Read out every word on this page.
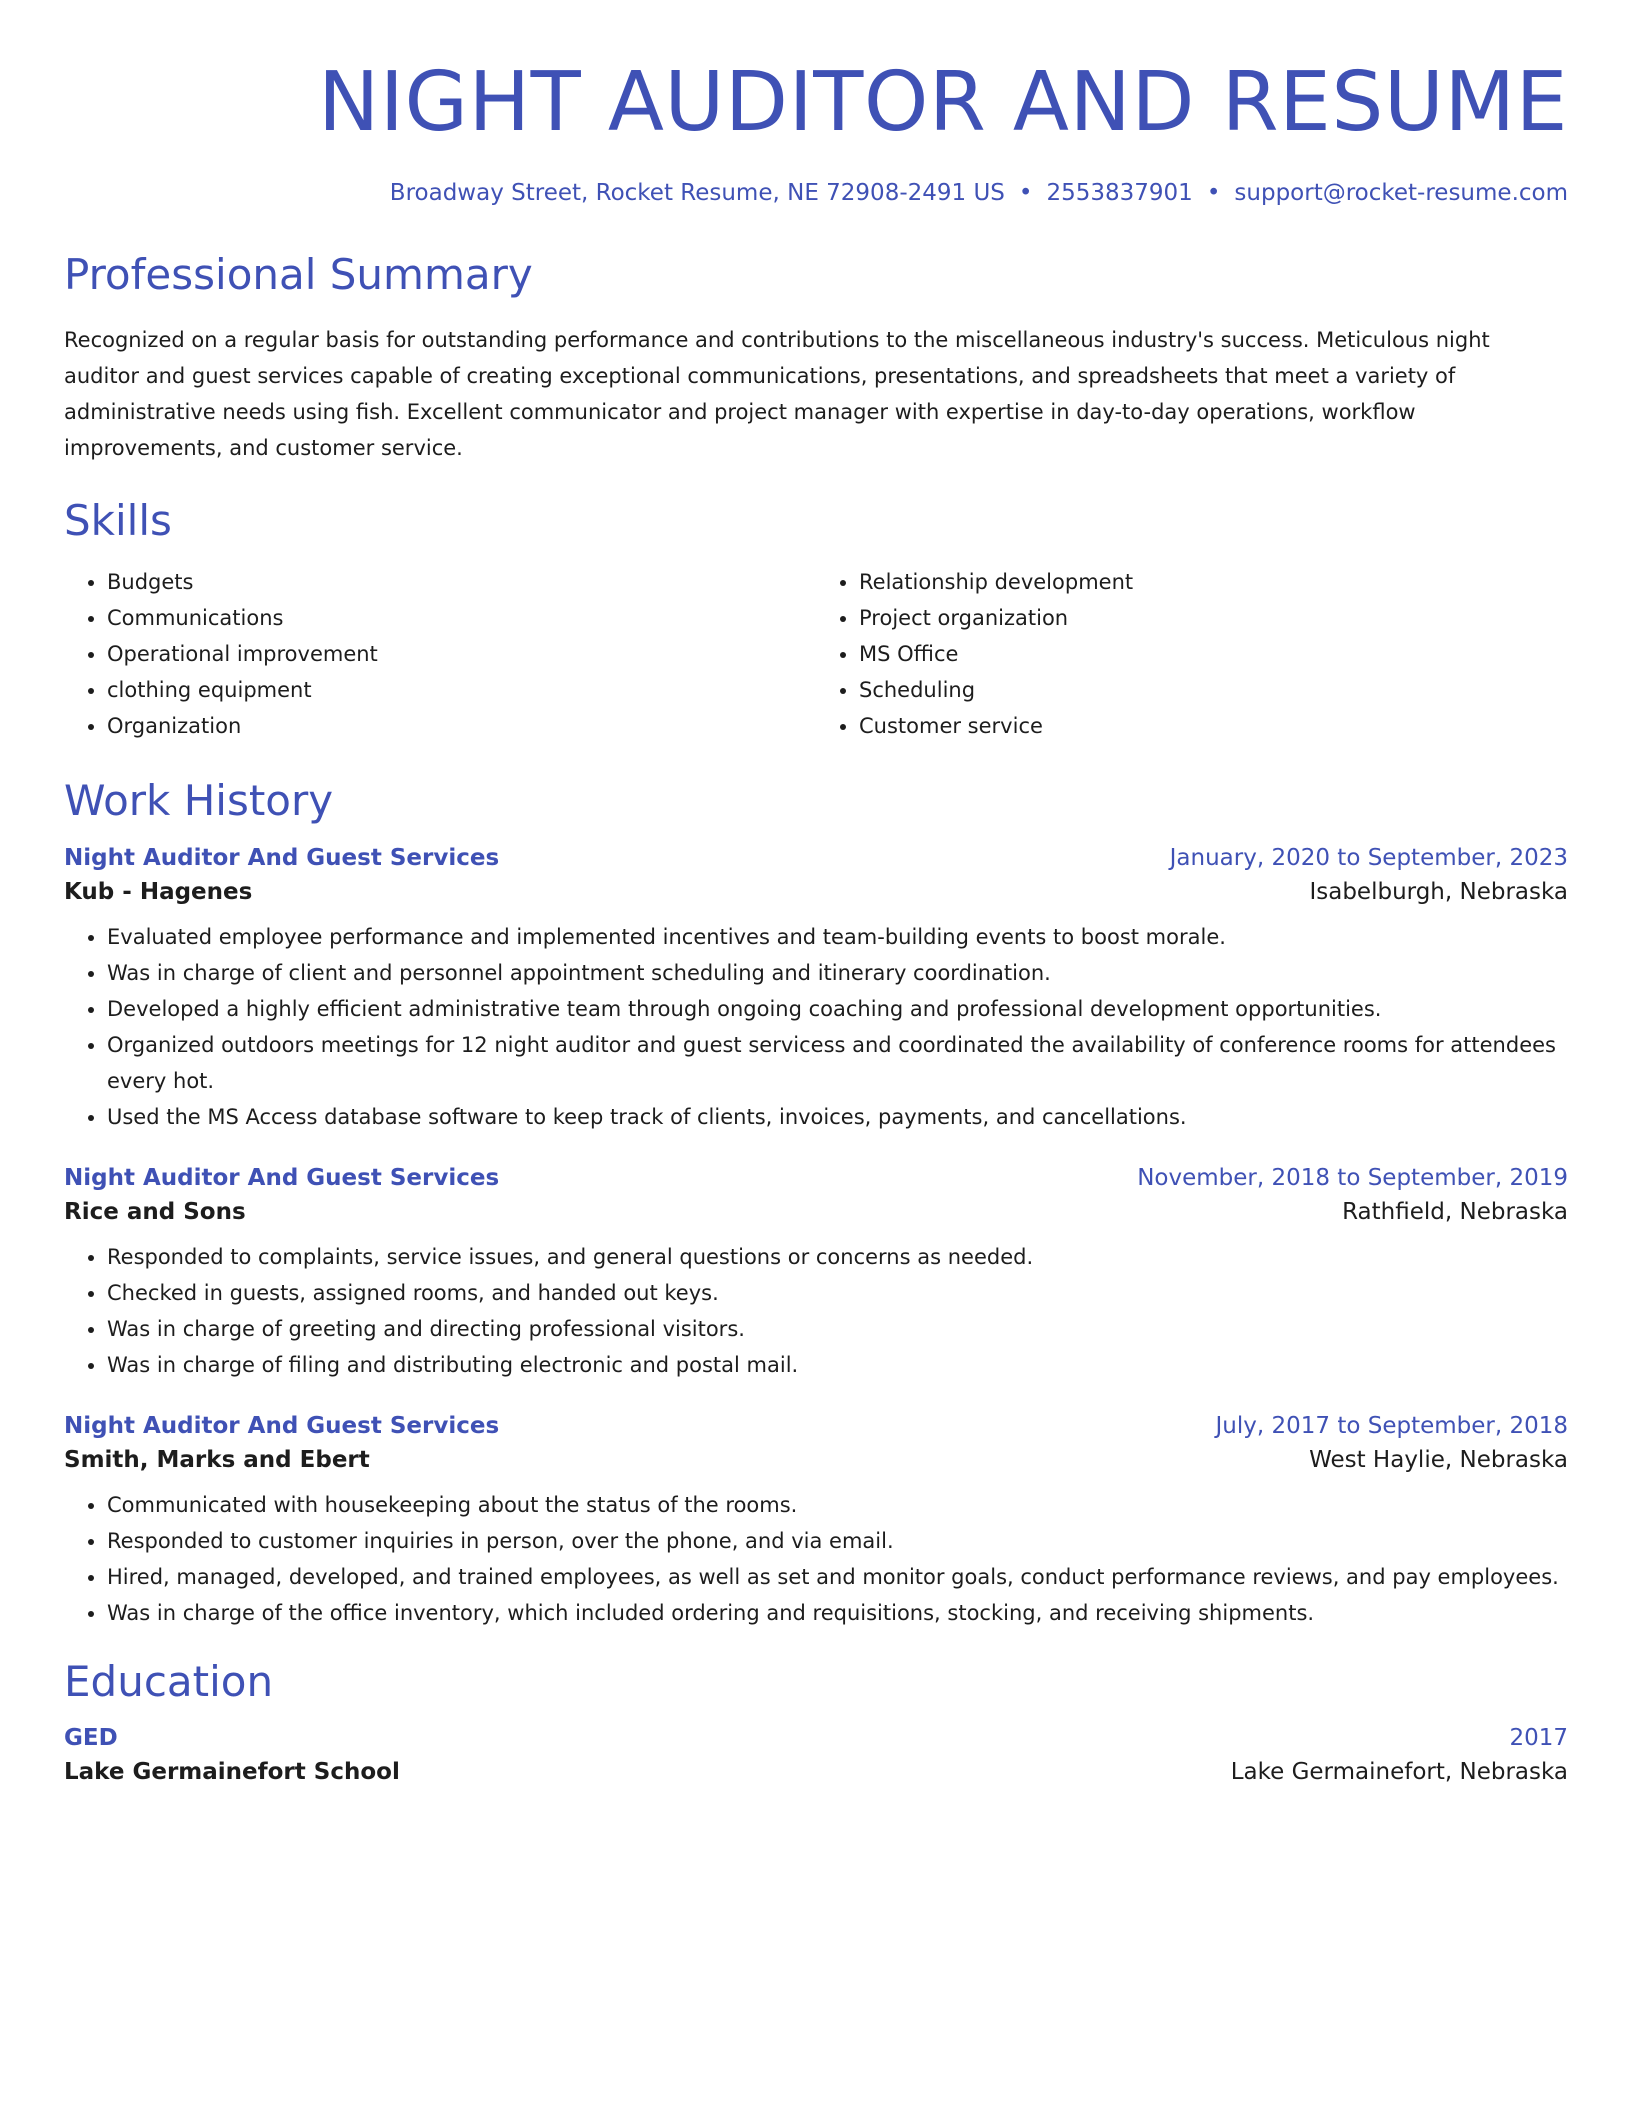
NIGHT AUDITOR AND RESUME
Broadway Street, Rocket Resume, NE 72908-2491 US • 2553837901 • support@rocket-resume.com
Professional Summary
Recognized on a regular basis for outstanding performance and contributions to the miscellaneous industry's success. Meticulous night auditor and guest services capable of creating exceptional communications, presentations, and spreadsheets that meet a variety of administrative needs using fish. Excellent communicator and project manager with expertise in day-to-day operations, workflow improvements, and customer service.
Skills
• Budgets
• Communications
• Operational improvement
• clothing equipment
• Organization
• Relationship development
• Project organization
• MS Office
• Scheduling
• Customer service
Work History
Night Auditor And Guest Services	January, 2020 to September, 2023
Kub - Hagenes	Isabelburgh, Nebraska
• Evaluated employee performance and implemented incentives and team-building events to boost morale.
• Was in charge of client and personnel appointment scheduling and itinerary coordination.
• Developed a highly efficient administrative team through ongoing coaching and professional development opportunities.
• Organized outdoors meetings for 12 night auditor and guest servicess and coordinated the availability of conference rooms for attendees every hot.
• Used the MS Access database software to keep track of clients, invoices, payments, and cancellations.
Night Auditor And Guest Services	November, 2018 to September, 2019
Rice and Sons	Rathfield, Nebraska
• Responded to complaints, service issues, and general questions or concerns as needed.
• Checked in guests, assigned rooms, and handed out keys.
• Was in charge of greeting and directing professional visitors.
• Was in charge of filing and distributing electronic and postal mail.
Night Auditor And Guest Services	July, 2017 to September, 2018
Smith, Marks and Ebert	West Haylie, Nebraska
• Communicated with housekeeping about the status of the rooms.
• Responded to customer inquiries in person, over the phone, and via email.
• Hired, managed, developed, and trained employees, as well as set and monitor goals, conduct performance reviews, and pay employees.
• Was in charge of the office inventory, which included ordering and requisitions, stocking, and receiving shipments.
Education
GED	2017
Lake Germainefort School	Lake Germainefort, Nebraska
